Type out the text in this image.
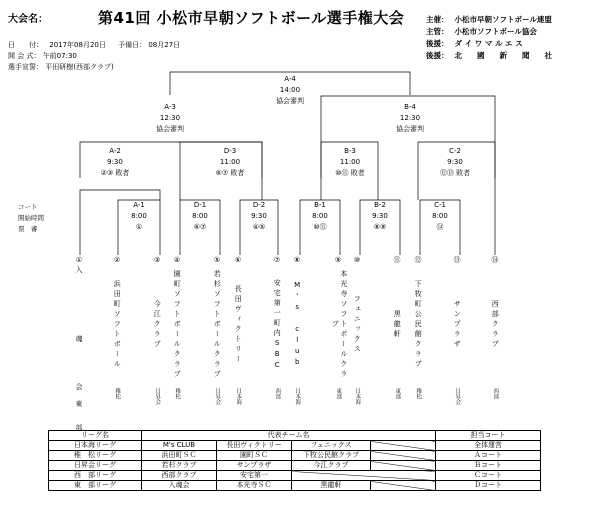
大会名：	第41回 小松市早朝ソフトボール選手権大会
日　　付： 2017年08月20日 予備日： 08月27日
開 会 式： 午前07:30
選手宣誓： 平田研樹(西部クラブ)
主催： 小松市早朝ソフトボール連盟
主管： 小松市ソフトボール協会
後援： ダ イ ワ マ ル エ ス
後援： 北　　國　　新　　聞　　社
A-4
14:00
協会審判
A-3
12:30
協会審判
B-4
12:30
協会審判
A-2
9:30
②③ 敗者
D-3
11:00
⑥⑦ 敗者
B-3
11:00
⑩⑪ 敗者
C-2
9:30
⑫⑬ 敗者
コート
開始時間
票　審
A-1
8:00
①
D-1
8:00
⑥⑦
D-2
9:30
④⑤
B-1
8:00
⑩⑪
B-2
9:30
⑧⑨
C-1
8:00
⑭
①
入
魂
会
東
部
②
浜田町ソフトボール
稚松
③
今江クラブ
日昇会
④
園町ソフトボールクラブ
稚松
⑤
若杉ソフトボールクラブ
日昇会
⑥
長田ヴィクトリー
日本海
⑦
安宅第一町内SBC
西部
⑧
M's club
日本海
⑨
本光寺ソフトボールクラブ
東部
⑩
フェニックス
日本海
⑪
黒龍軒
東部
⑫
下牧町公民館クラブ
稚松
⑬
サンプラザ
日昇会
⑭
西部クラブ
西部
リーグ名	代表チーム名				担当コート
日本海リーグ	M's CLUB	長田ヴィクトリー	フェニックス		全体運営
稚　松リーグ	浜田町ＳＣ	園町ＳＣ	下牧公民館クラブ		Ａコート
日昇会リーグ	若杉クラブ	サンプラザ	今江クラブ		Ｂコート
西　部リーグ	西部クラブ	安宅第一			Ｃコート
東　部リーグ	入魂会	本光寺ＳＣ	黒龍軒		Ｄコート
